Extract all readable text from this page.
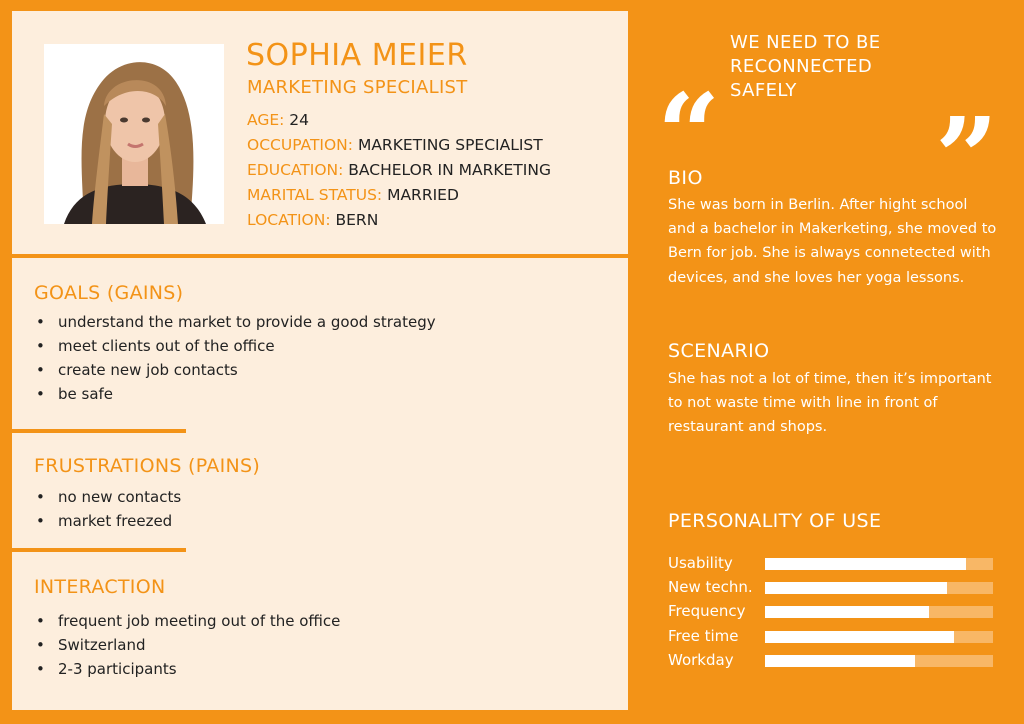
SOPHIA MEIER
MARKETING SPECIALIST
AGE: 24
OCCUPATION: MARKETING SPECIALIST
EDUCATION: BACHELOR IN MARKETING
MARITAL STATUS: MARRIED
LOCATION: BERN
GOALS (GAINS)
• understand the market to provide a good strategy
• meet clients out of the office
• create new job contacts
• be safe
FRUSTRATIONS (PAINS)
• no new contacts
• market freezed
INTERACTION
• frequent job meeting out of the office
• Switzerland
• 2-3 participants
” WE NEED TO BE
RECONNECTED
SAFELY
”
BIO
She was born in Berlin. After hight school and a bachelor in Makerketing, she moved to Bern for job. She is always connetected with devices, and she loves her yoga lessons.
SCENARIO
She has not a lot of time, then it’s important to not waste time with line in front of restaurant and shops.
PERSONALITY OF USE
Usability
New techn.
Frequency
Free time
Workday
